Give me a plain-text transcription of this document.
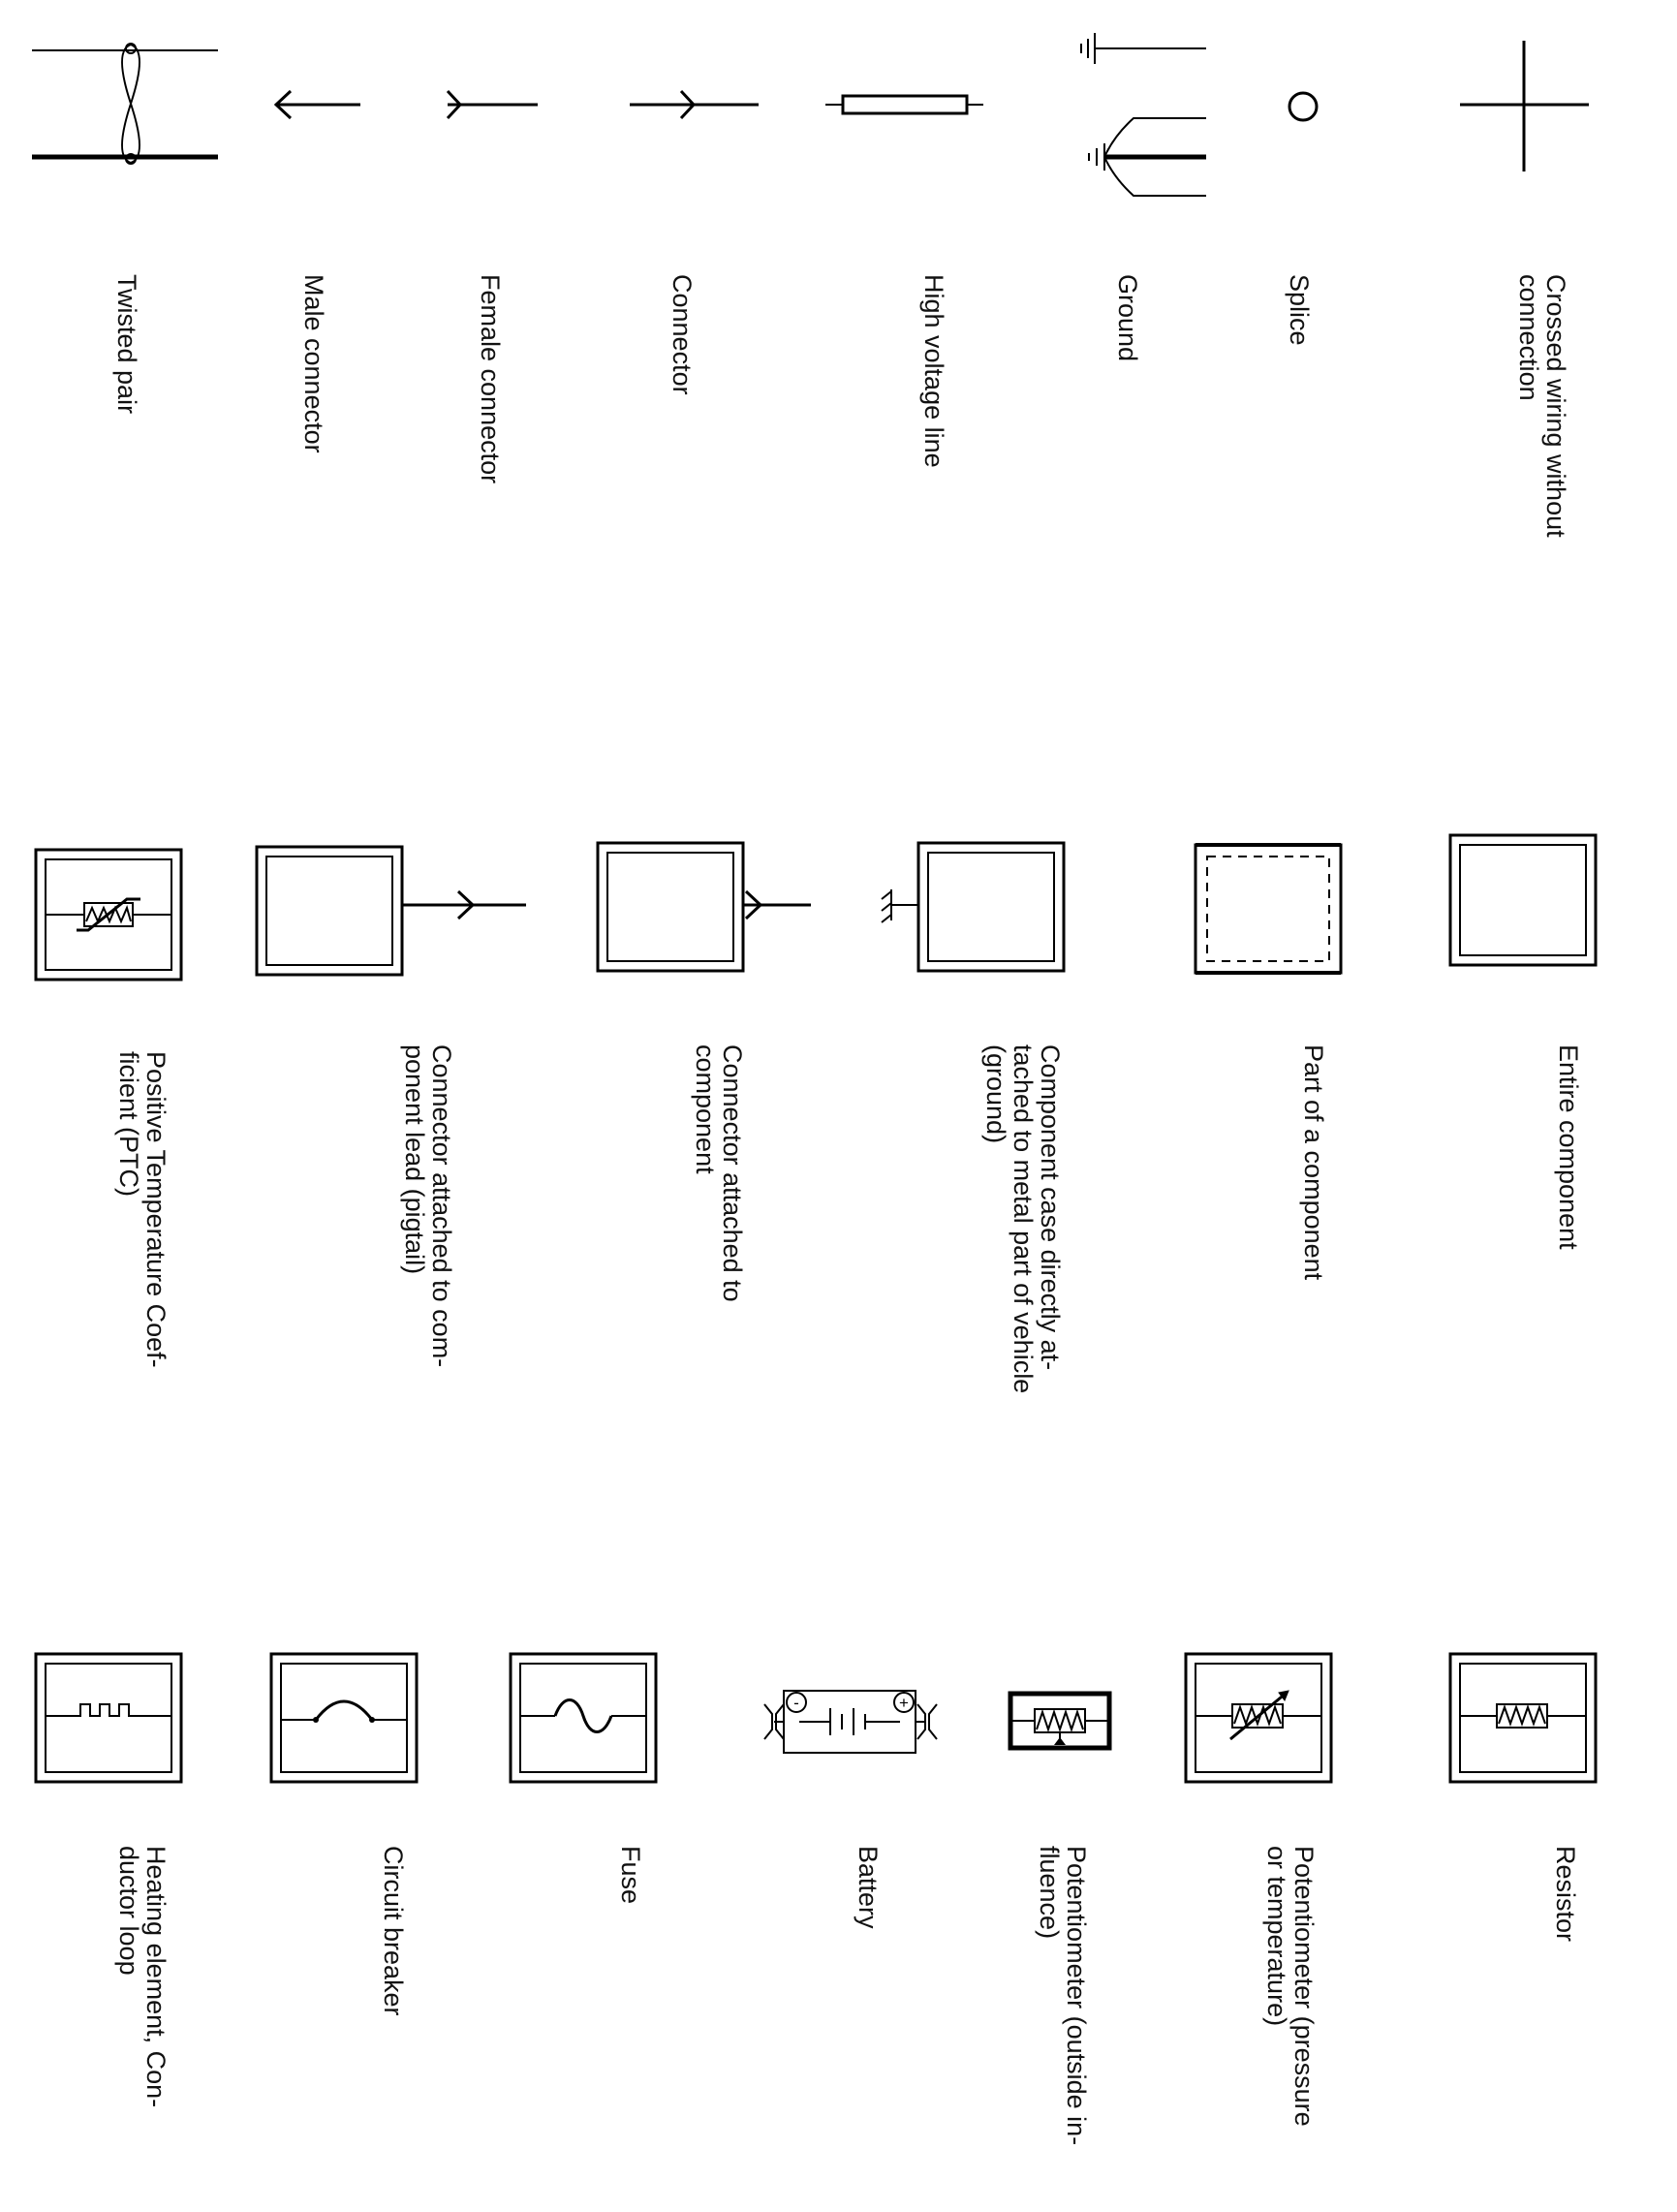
Twisted pair	Male connector	Female connector	Connector	High voltage line	Ground	Splice	Crossed wiring without
connection
Positive Temperature Coef-
ficient (PTC)	Connector attached to com-
ponent lead (pigtail)	Connector attached to
component	Component case directly at-
tached to metal part of vehicle
(ground)	Part of a component	Entire component
-	+
Heating element, Con-
ductor loop	Circuit breaker	Fuse	Battery	Potentiometer (outside in-
fluence)	Potentiometer (pressure
or temperature)	Resistor
